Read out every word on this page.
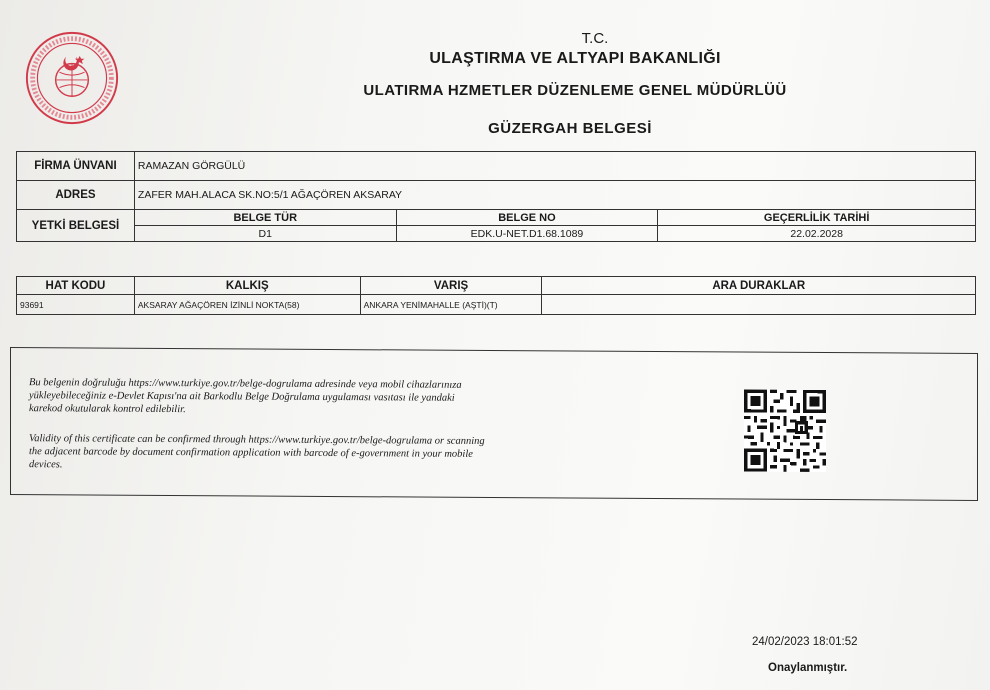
T.C.
ULAŞTIRMA VE ALTYAPI BAKANLIĞI
ULATIRMA HZMETLER DÜZENLEME GENEL MÜDÜRLÜÜ
GÜZERGAH BELGESİ
FİRMA ÜNVANI	RAMAZAN GÖRGÜLÜ		
ADRES	ZAFER MAH.ALACA SK.NO:5/1 AĞAÇÖREN AKSARAY		
YETKİ BELGESİ	BELGE TÜR	BELGE NO	GEÇERLİLİK TARİHİ
	D1	EDK.U-NET.D1.68.1089	22.02.2028
HAT KODU	KALKIŞ	VARIŞ	ARA DURAKLAR
93691	AKSARAY AĞAÇÖREN İZİNLİ NOKTA(58)	ANKARA YENİMAHALLE (AŞTİ)(T)	
Bu belgenin doğruluğu https://www.turkiye.gov.tr/belge-dogrulama adresinde veya mobil cihazlarınıza yükleyebileceğiniz e-Devlet Kapısı'na ait Barkodlu Belge Doğrulama uygulaması vasıtası ile yandaki karekod okutularak kontrol edilebilir.
Validity of this certificate can be confirmed through https://www.turkiye.gov.tr/belge-dogrulama or scanning the adjacent barcode by document confirmation application with barcode of e-government in your mobile devices.
24/02/2023 18:01:52
Onaylanmıştır.
